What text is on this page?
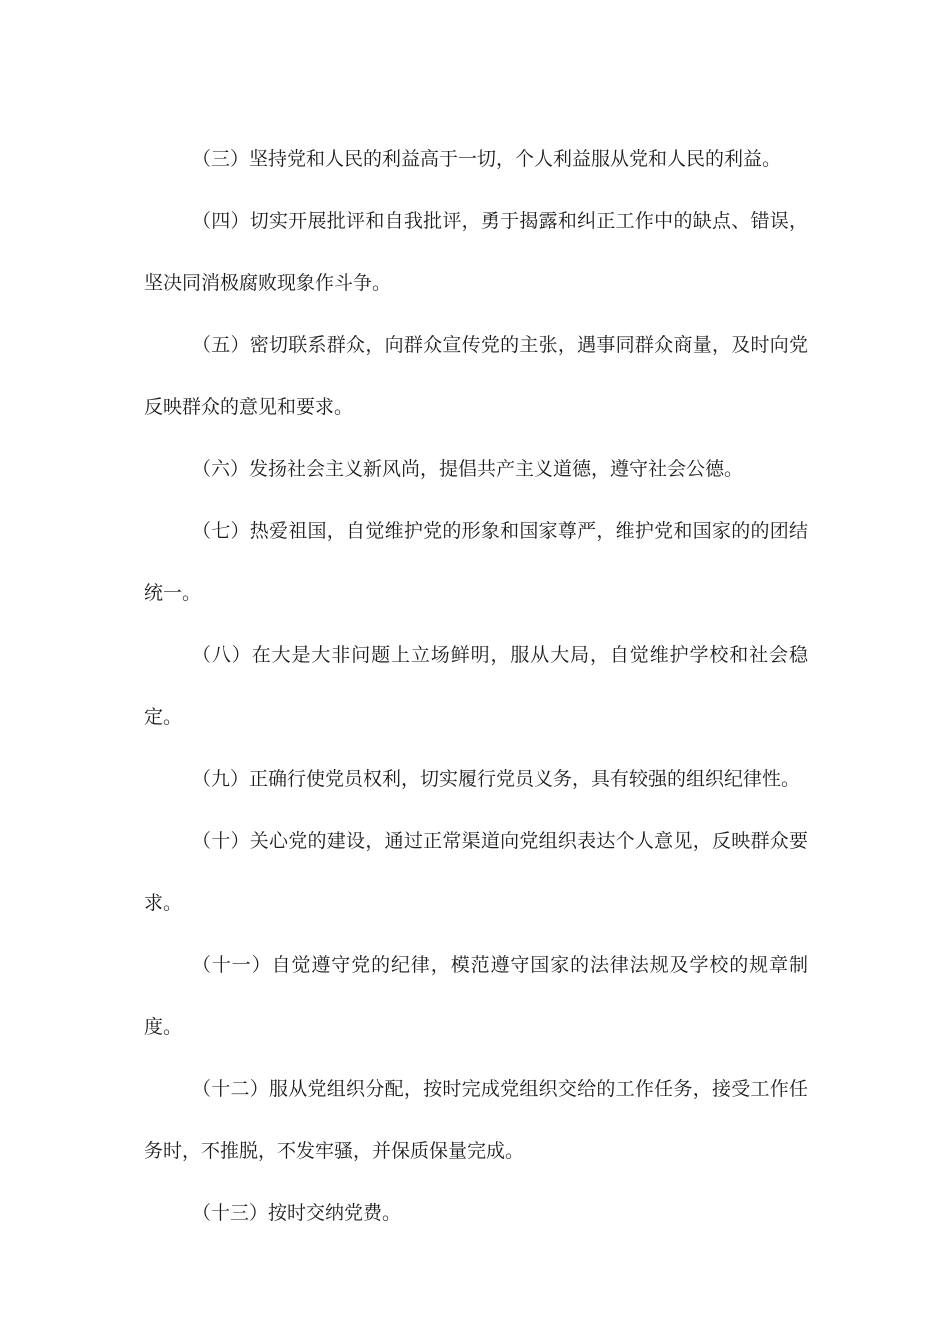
（三）坚持党和人民的利益高于一切，个人利益服从党和人民的利益。

（四）切实开展批评和自我批评，勇于揭露和纠正工作中的缺点、错误，坚决同消极腐败现象作斗争。

（五）密切联系群众，向群众宣传党的主张，遇事同群众商量，及时向党反映群众的意见和要求。

（六）发扬社会主义新风尚，提倡共产主义道德，遵守社会公德。

（七）热爱祖国，自觉维护党的形象和国家尊严，维护党和国家的的团结统一。

（八）在大是大非问题上立场鲜明，服从大局，自觉维护学校和社会稳定。

（九）正确行使党员权利，切实履行党员义务，具有较强的组织纪律性。

（十）关心党的建设，通过正常渠道向党组织表达个人意见，反映群众要求。

（十一）自觉遵守党的纪律，模范遵守国家的法律法规及学校的规章制度。

（十二）服从党组织分配，按时完成党组织交给的工作任务，接受工作任务时，不推脱，不发牢骚，并保质保量完成。

（十三）按时交纳党费。
